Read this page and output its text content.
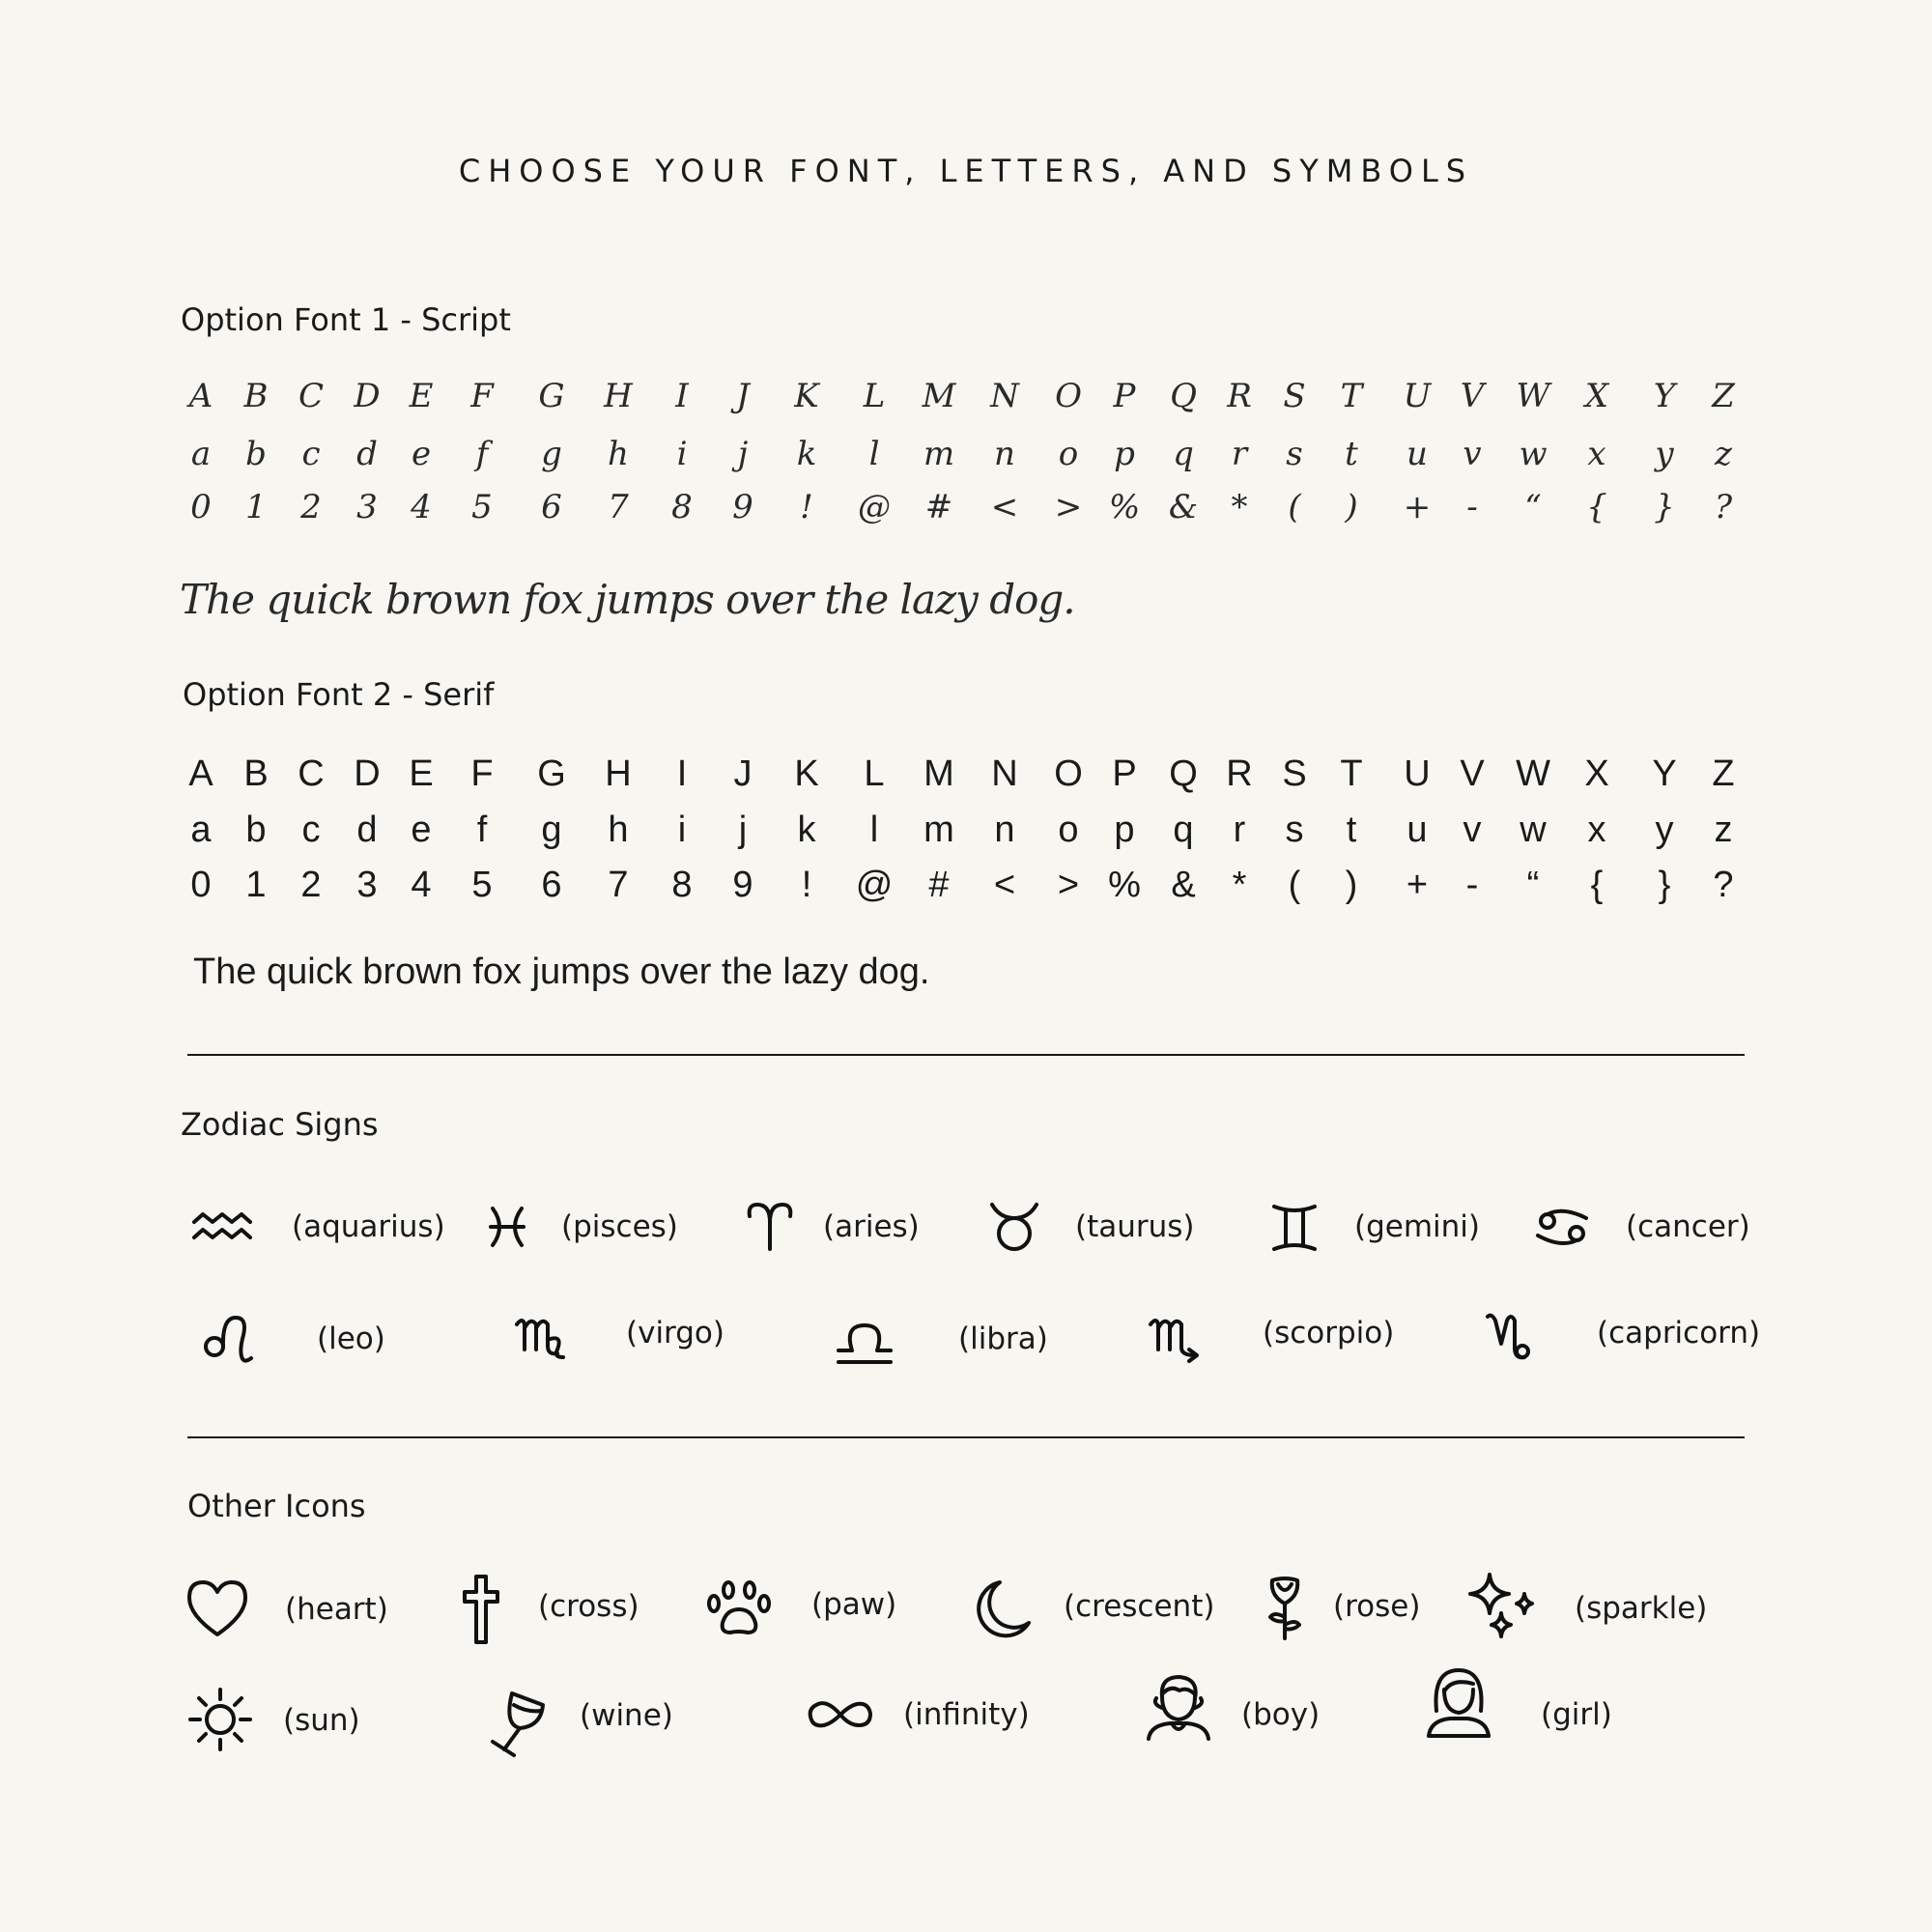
CHOOSE YOUR FONT, LETTERS, AND SYMBOLS
Option Font 1 - Script
A B C D E	F	G	H	I	J	K	L	M	N	O P	Q R S	T	U V W	X	Y	Z
a	b	c	d	e	f	g	h	i	j	k	l	m	n	o	p	q	r	s	t	u	v	w	x	y	z
0	1	2	3	4	5	6	7	8	9	!	@	#	<	> % &	*	(	)	+	-	“	{	}	?
The quick brown fox jumps over the lazy dog.
Option Font 2 - Serif
A B C D E	F	G	H	I	J	K	L	M	N O P Q R S T	U V W X	Y Z
a b c d e	f	g	h	i	j	k	l	m	n	o p	q	r	s	t	u v	w	x	y	z
0 1 2 3 4	5	6	7	8	9	!	@ #	<	> % & *	(	)	+	-	“	{	}	?
The quick brown fox jumps over the lazy dog.
Zodiac Signs
(aquarius)	(pisces)	(aries)	(taurus)	(gemini)	(cancer)
(leo)	(virgo)	(libra)	(scorpio)	(capricorn)
Other Icons
(heart)	(cross)	(paw)	(crescent)	(rose)	(sparkle)
(sun)	(wine)	(infinity)	(boy)	(girl)
